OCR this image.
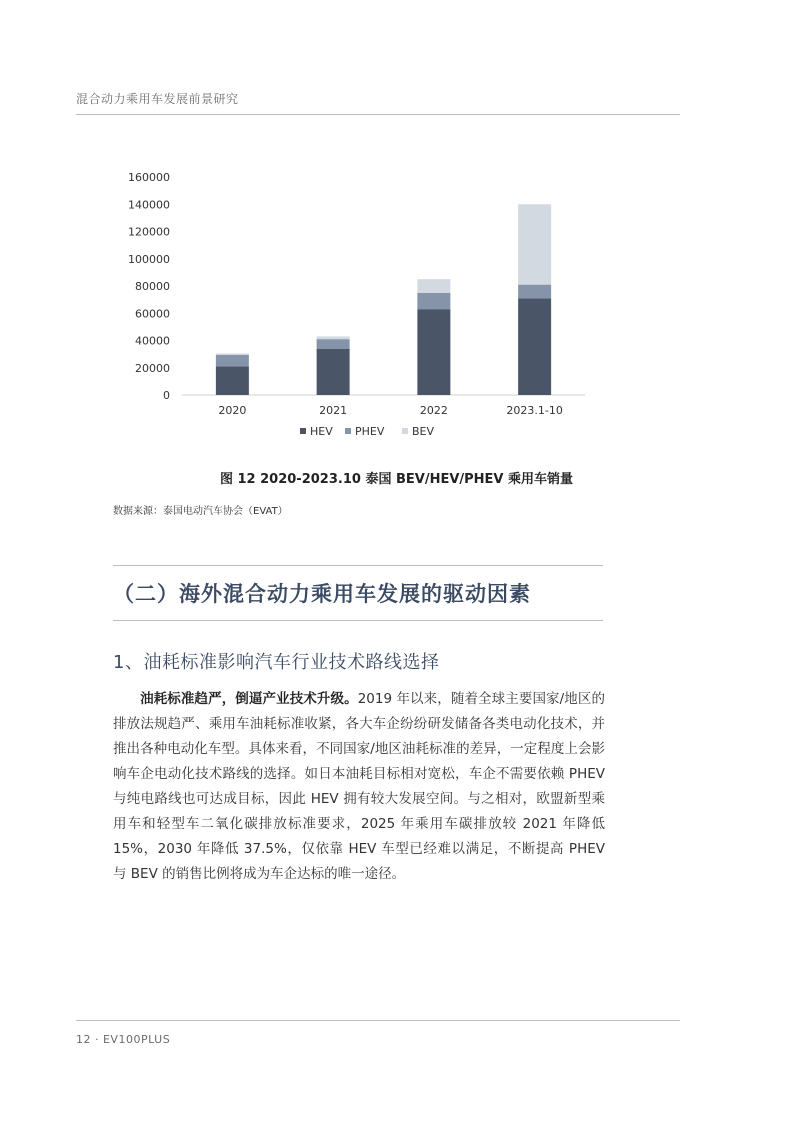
混合动力乘用车发展前景研究
0
20000
40000
60000
80000
100000
120000
140000
160000
2020	2021	2022	2023.1-10
HEV PHEV	BEV
图 12 2020-2023.10 泰国 BEV/HEV/PHEV 乘用车销量
数据来源：泰国电动汽车协会（EVAT）
（二）海外混合动力乘用车发展的驱动因素
1、油耗标准影响汽车行业技术路线选择
油耗标准趋严，倒逼产业技术升级。2019 年以来，随着全球主要国家/地区的排放法规趋严、乘用车油耗标准收紧，各大车企纷纷研发储备各类电动化技术，并推出各种电动化车型。具体来看，不同国家/地区油耗标准的差异，一定程度上会影响车企电动化技术路线的选择。如日本油耗目标相对宽松，车企不需要依赖 PHEV 与纯电路线也可达成目标，因此 HEV 拥有较大发展空间。与之相对，欧盟新型乘用车和轻型车二氧化碳排放标准要求，2025 年乘用车碳排放较 2021 年降低 15%，2030 年降低 37.5%，仅依靠 HEV 车型已经难以满足，不断提高 PHEV 与 BEV 的销售比例将成为车企达标的唯一途径。
12 · EV100PLUS
